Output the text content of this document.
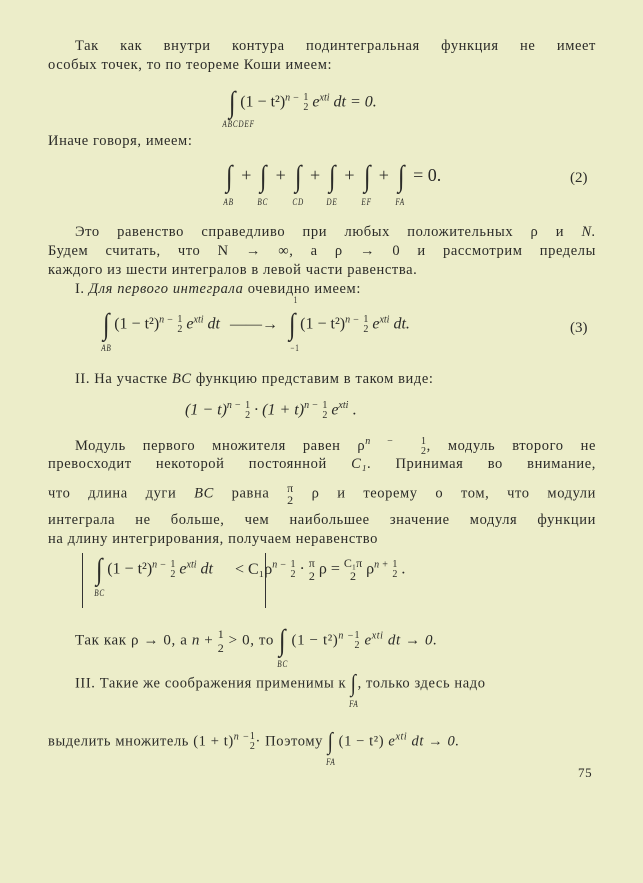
Так как внутри контура подинтегральная функция не имеет
особых точек, то по теореме Коши имеем:
∫
ABCDEF
$(1 - t^2)^{n -}$ 1
2 $e^{xti}$ dt = 0.
Иначе говоря, имеем:
∫
AB
+ ∫
BC
+ ∫
CD
+ ∫
DE
+ ∫
EF
+ ∫
FA
= 0.	(2)
Это равенство справедливо при любых положительных ρ и N.
Будем считать, что N → ∞, а ρ → 0 и рассмотрим пределы
каждого из шести интегралов в левой части равенства.
I. Для первого интеграла очевидно имеем:
∫
AB
$(1 - t^2)^{n -}$ 1
2 $e^{xti}$ dt ——→ ∫
1
−1
$(1 - t^2)^{n -}$ 1
2 $e^{xti}$ dt.	(3)
II. На участке BC функцию представим в таком виде:
$(1 - t)^{n -}$ 1
$2 \cdot (1 + t)^{n -}$ 1
2 $e^{xti}$ .
Модуль первого множителя равен $\rho^{n -}$	1
2 , модуль второго не
превосходит некоторой постоянной C₁. Принимая во внимание,
что длина дуги BC равна π
2 ρ и теорему о том, что модули
интеграла не больше, чем наибольшее значение модуля функции
на длину интегрирования, получаем неравенство
∫
BC
$(1 - t^2)^{n -}$ 1
2 $e^{xti}$ dt < $C_1\rho^{n -}$ 1
2 · π
2 ρ = C₁π
2 $\rho^{n +}$ 1
2 .
Так как ρ → 0, а n + 1
2 > 0, то ∫
BC
$(1 - t^2)^{n -}$ 1
2 $e^{xti}$ dt → 0.
III. Такие же соображения применимы к ∫
FA
, только здесь надо
выделить множитель $(1 + t)^{n -}$ 1
2 · Поэтому ∫
FA
(1 − t²) $e^{xti}$ dt → 0.
75
